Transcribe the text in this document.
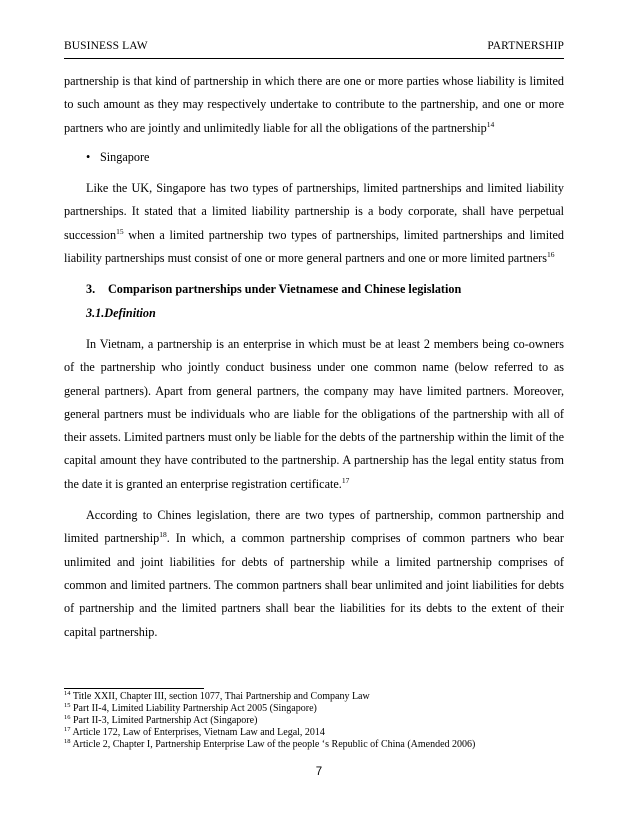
BUSINESS LAW	PARTNERSHIP

partnership is that kind of partnership in which there are one or more parties whose liability is limited to such amount as they may respectively undertake to contribute to the partnership, and one or more partners who are jointly and unlimitedly liable for all the obligations of the partnership$^{14}$

• Singapore

Like the UK, Singapore has two types of partnerships, limited partnerships and limited liability partnerships. It stated that a limited liability partnership is a body corporate, shall have perpetual succession$^{15}$ when a limited partnership two types of partnerships, limited partnerships and limited liability partnerships must consist of one or more general partners and one or more limited partners$^{16}$

3. Comparison partnerships under Vietnamese and Chinese legislation

3.1.Definition

In Vietnam, a partnership is an enterprise in which must be at least 2 members being co-owners of the partnership who jointly conduct business under one common name (below referred to as general partners). Apart from general partners, the company may have limited partners. Moreover, general partners must be individuals who are liable for the obligations of the partnership with all of their assets. Limited partners must only be liable for the debts of the partnership within the limit of the capital amount they have contributed to the partnership. A partnership has the legal entity status from the date it is granted an enterprise registration certificate.$^{17}$

According to Chines legislation, there are two types of partnership, common partnership and limited partnership$^{18}$. In which, a common partnership comprises of common partners who bear unlimited and joint liabilities for debts of partnership while a limited partnership comprises of common and limited partners. The common partners shall bear unlimited and joint liabilities for debts of partnership and the limited partners shall bear the liabilities for its debts to the extent of their capital partnership.

$^{14}$ Title XXII, Chapter III, section 1077, Thai Partnership and Company Law
$^{15}$ Part II-4, Limited Liability Partnership Act 2005 (Singapore)
$^{16}$ Part II-3, Limited Partnership Act (Singapore)
$^{17}$ Article 172, Law of Enterprises, Vietnam Law and Legal, 2014
$^{18}$ Article 2, Chapter I, Partnership Enterprise Law of the people ‘s Republic of China (Amended 2006)
7
